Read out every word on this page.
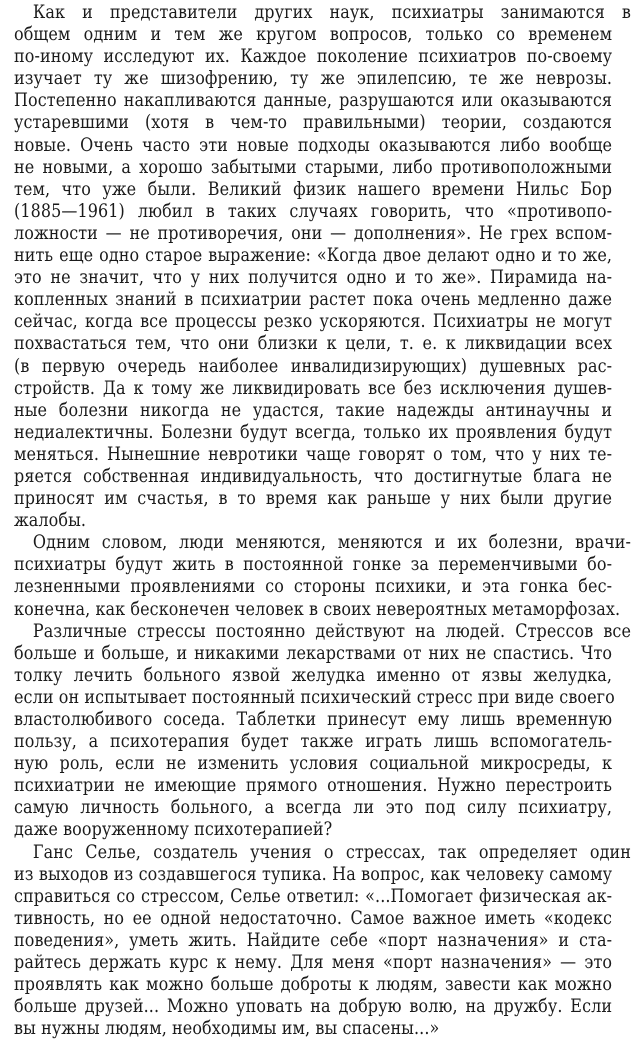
Как и представители других наук, психиатры занимаются в
общем одним и тем же кругом вопросов, только со временем
по-иному исследуют их. Каждое поколение психиатров по-своему
изучает ту же шизофрению, ту же эпилепсию, те же неврозы.
Постепенно накапливаются данные, разрушаются или оказываются
устаревшими (хотя в чем-то правильными) теории, создаются
новые. Очень часто эти новые подходы оказываются либо вообще
не новыми, а хорошо забытыми старыми, либо противоположными
тем, что уже были. Великий физик нашего времени Нильс Бор
(1885—1961) любил в таких случаях говорить, что «противопо-
ложности — не противоречия, они — дополнения». Не грех вспом-
нить еще одно старое выражение: «Когда двое делают одно и то же,
это не значит, что у них получится одно и то же». Пирамида на-
копленных знаний в психиатрии растет пока очень медленно даже
сейчас, когда все процессы резко ускоряются. Психиатры не могут
похвастаться тем, что они близки к цели, т. е. к ликвидации всех
(в первую очередь наиболее инвалидизирующих) душевных рас-
стройств. Да к тому же ликвидировать все без исключения душев-
ные болезни никогда не удастся, такие надежды антинаучны и
недиалектичны. Болезни будут всегда, только их проявления будут
меняться. Нынешние невротики чаще говорят о том, что у них те-
ряется собственная индивидуальность, что достигнутые блага не
приносят им счастья, в то время как раньше у них были другие
жалобы.
Одним словом, люди меняются, меняются и их болезни, врачи-
психиатры будут жить в постоянной гонке за переменчивыми бо-
лезненными проявлениями со стороны психики, и эта гонка бес-
конечна, как бесконечен человек в своих невероятных метаморфозах.
Различные стрессы постоянно действуют на людей. Стрессов все
больше и больше, и никакими лекарствами от них не спастись. Что
толку лечить больного язвой желудка именно от язвы желудка,
если он испытывает постоянный психический стресс при виде своего
властолюбивого соседа. Таблетки принесут ему лишь временную
пользу, а психотерапия будет также играть лишь вспомогатель-
ную роль, если не изменить условия социальной микросреды, к
психиатрии не имеющие прямого отношения. Нужно перестроить
самую личность больного, а всегда ли это под силу психиатру,
даже вооруженному психотерапией?
Ганс Селье, создатель учения о стрессах, так определяет один
из выходов из создавшегося тупика. На вопрос, как человеку самому
справиться со стрессом, Селье ответил: «...Помогает физическая ак-
тивность, но ее одной недостаточно. Самое важное иметь «кодекс
поведения», уметь жить. Найдите себе «порт назначения» и ста-
райтесь держать курс к нему. Для меня «порт назначения» — это
проявлять как можно больше доброты к людям, завести как можно
больше друзей... Можно уповать на добрую волю, на дружбу. Если
вы нужны людям, необходимы им, вы спасены...»
